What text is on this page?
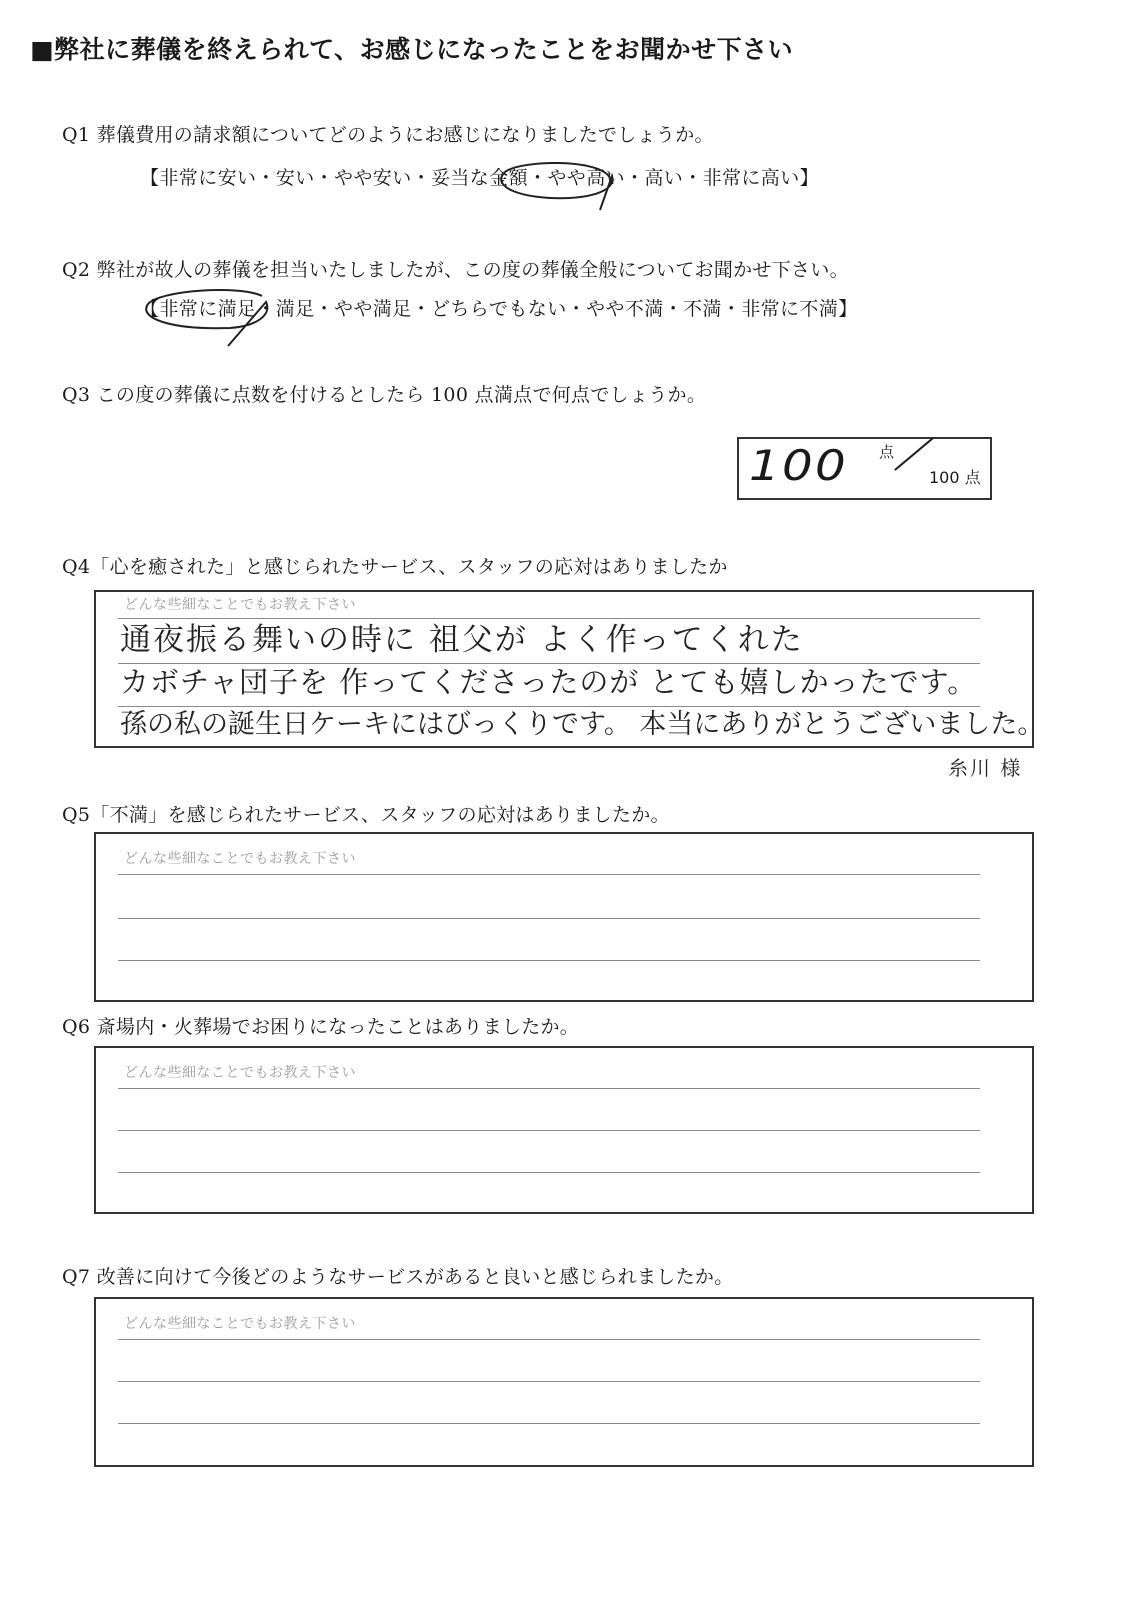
■弊社に葬儀を終えられて、お感じになったことをお聞かせ下さい
Q1 葬儀費用の請求額についてどのようにお感じになりましたでしょうか。
【非常に安い・安い・やや安い・妥当な金額・やや高い・高い・非常に高い】
Q2 弊社が故人の葬儀を担当いたしましたが、この度の葬儀全般についてお聞かせ下さい。
【非常に満足・満足・やや満足・どちらでもない・やや不満・不満・非常に不満】
Q3 この度の葬儀に点数を付けるとしたら 100 点満点で何点でしょうか。
100 点
100 点
Q4「心を癒された」と感じられたサービス、スタッフの応対はありましたか
どんな些細なことでもお教え下さい
通夜振る舞いの時に 祖父が よく作ってくれた
カボチャ団子を 作ってくださったのが とても嬉しかったです。
孫の私の誕生日ケーキにはびっくりです。 本当にありがとうございました。
糸川 様
Q5「不満」を感じられたサービス、スタッフの応対はありましたか。
どんな些細なことでもお教え下さい
Q6 斎場内・火葬場でお困りになったことはありましたか。
どんな些細なことでもお教え下さい
Q7 改善に向けて今後どのようなサービスがあると良いと感じられましたか。
どんな些細なことでもお教え下さい
